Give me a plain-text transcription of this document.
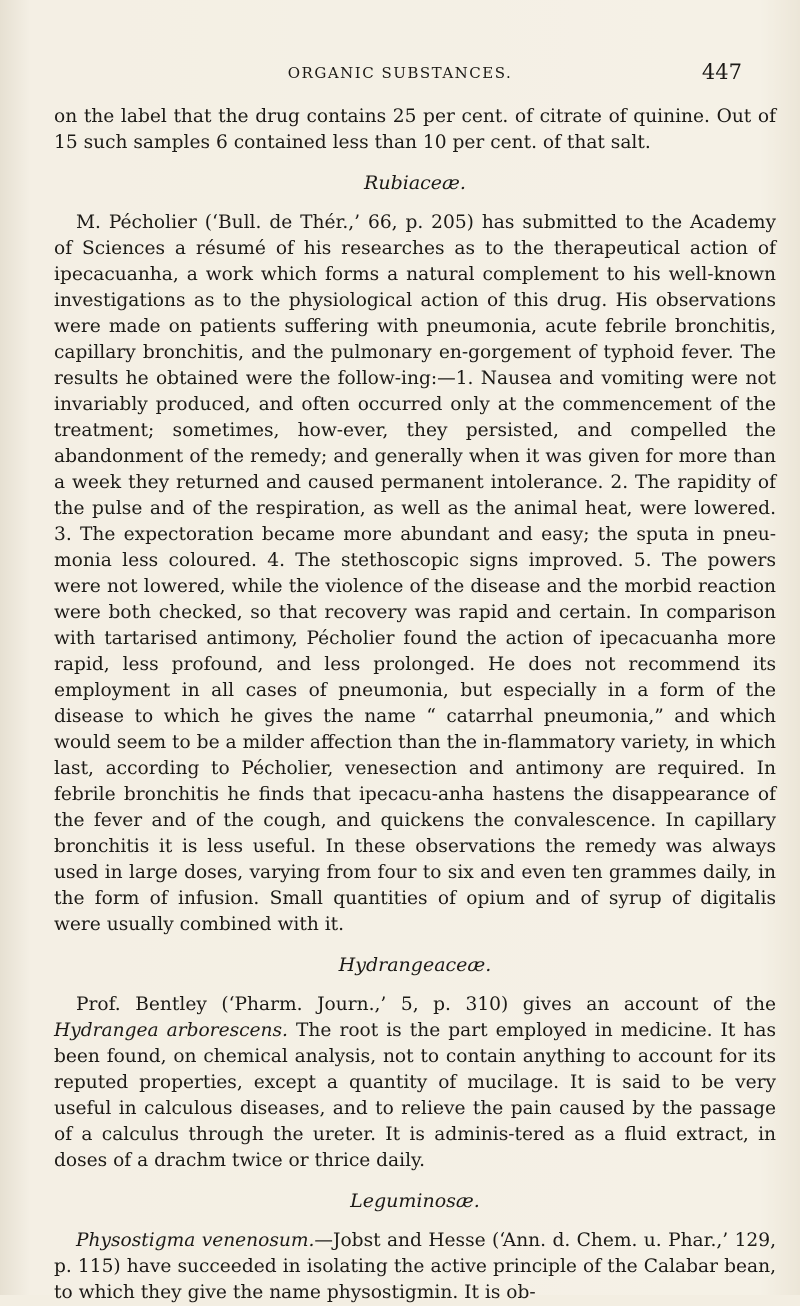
ORGANIC SUBSTANCES.	447

on the label that the drug contains 25 per cent. of citrate of quinine. Out of 15 such samples 6 contained less than 10 per cent. of that salt.

Rubiaceæ.

M. Pécholier (‘Bull. de Thér.,’ 66, p. 205) has submitted to the Academy of Sciences a résumé of his researches as to the therapeutical action of ipecacuanha, a work which forms a natural complement to his well-known investigations as to the physiological action of this drug. His observations were made on patients suffering with pneumonia, acute febrile bronchitis, capillary bronchitis, and the pulmonary en-gorgement of typhoid fever. The results he obtained were the follow-ing:—1. Nausea and vomiting were not invariably produced, and often occurred only at the commencement of the treatment; sometimes, how-ever, they persisted, and compelled the abandonment of the remedy; and generally when it was given for more than a week they returned and caused permanent intolerance. 2. The rapidity of the pulse and of the respiration, as well as the animal heat, were lowered. 3. The expectoration became more abundant and easy; the sputa in pneu-monia less coloured. 4. The stethoscopic signs improved. 5. The powers were not lowered, while the violence of the disease and the morbid reaction were both checked, so that recovery was rapid and certain. In comparison with tartarised antimony, Pécholier found the action of ipecacuanha more rapid, less profound, and less prolonged. He does not recommend its employment in all cases of pneumonia, but especially in a form of the disease to which he gives the name “ catarrhal pneumonia,” and which would seem to be a milder affection than the in-flammatory variety, in which last, according to Pécholier, venesection and antimony are required. In febrile bronchitis he finds that ipecacu-anha hastens the disappearance of the fever and of the cough, and quickens the convalescence. In capillary bronchitis it is less useful. In these observations the remedy was always used in large doses, varying from four to six and even ten grammes daily, in the form of infusion. Small quantities of opium and of syrup of digitalis were usually combined with it.

Hydrangeaceæ.

Prof. Bentley (‘Pharm. Journ.,’ 5, p. 310) gives an account of the Hydrangea arborescens. The root is the part employed in medicine. It has been found, on chemical analysis, not to contain anything to account for its reputed properties, except a quantity of mucilage. It is said to be very useful in calculous diseases, and to relieve the pain caused by the passage of a calculus through the ureter. It is adminis-tered as a fluid extract, in doses of a drachm twice or thrice daily.

Leguminosæ.

Physostigma venenosum.—Jobst and Hesse (‘Ann. d. Chem. u. Phar.,’ 129, p. 115) have succeeded in isolating the active principle of the Calabar bean, to which they give the name physostigmin. It is ob-
